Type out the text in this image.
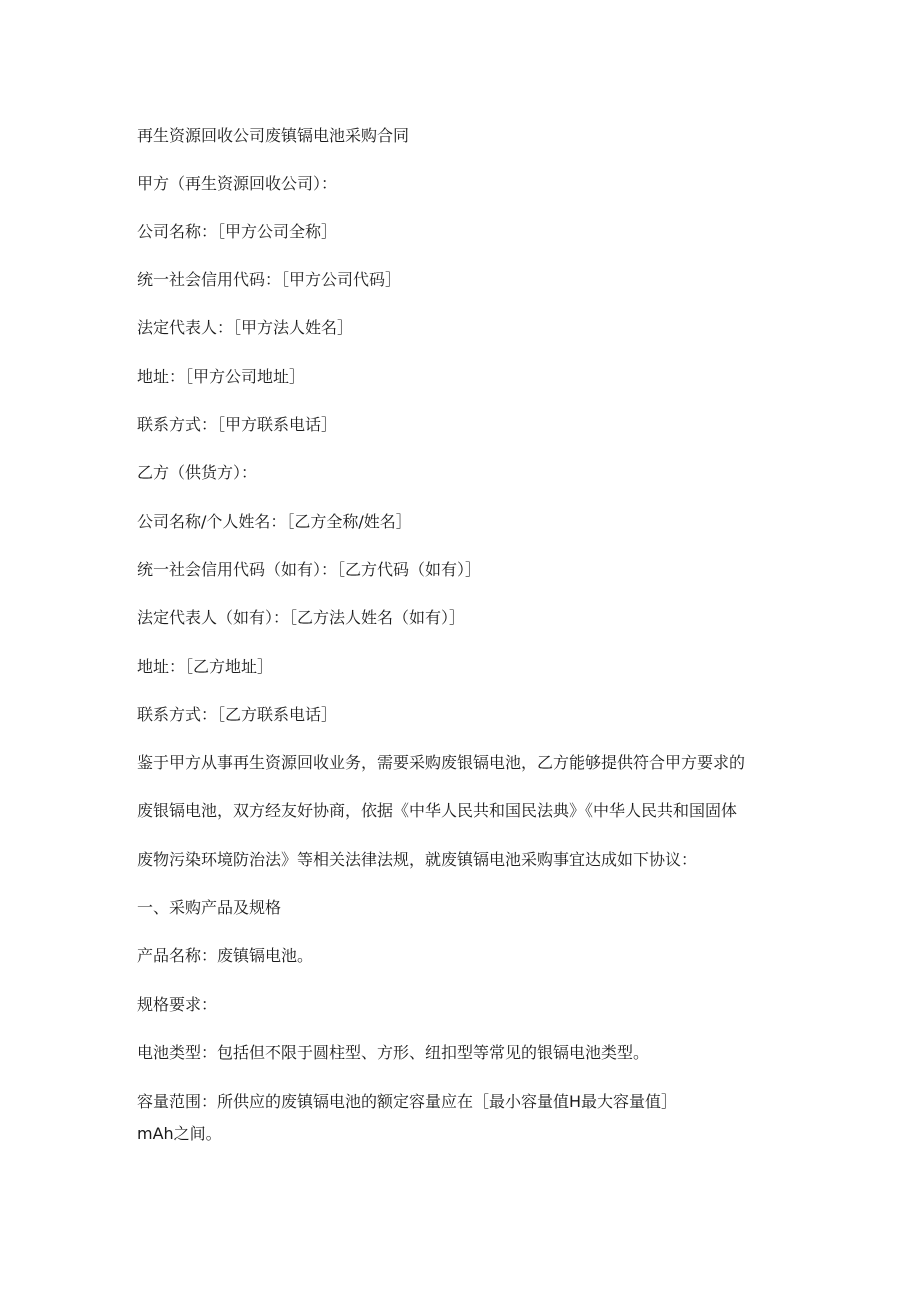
再生资源回收公司废镇镉电池采购合同
甲方（再生资源回收公司）：
公司名称：［甲方公司全称］
统一社会信用代码：［甲方公司代码］
法定代表人：［甲方法人姓名］
地址：［甲方公司地址］
联系方式：［甲方联系电话］
乙方（供货方）：
公司名称/个人姓名：［乙方全称/姓名］
统一社会信用代码（如有）：［乙方代码（如有）］
法定代表人（如有）：［乙方法人姓名（如有）］
地址：［乙方地址］
联系方式：［乙方联系电话］
鉴于甲方从事再生资源回收业务，需要采购废银镉电池，乙方能够提供符合甲方要求的
废银镉电池，双方经友好协商，依据《中华人民共和国民法典》《中华人民共和国固体
废物污染环境防治法》等相关法律法规，就废镇镉电池采购事宜达成如下协议：
一、采购产品及规格
产品名称：废镇镉电池。
规格要求：
电池类型：包括但不限于圆柱型、方形、纽扣型等常见的银镉电池类型。
容量范围：所供应的废镇镉电池的额定容量应在［最小容量值H最大容量值］
mAh之间。
